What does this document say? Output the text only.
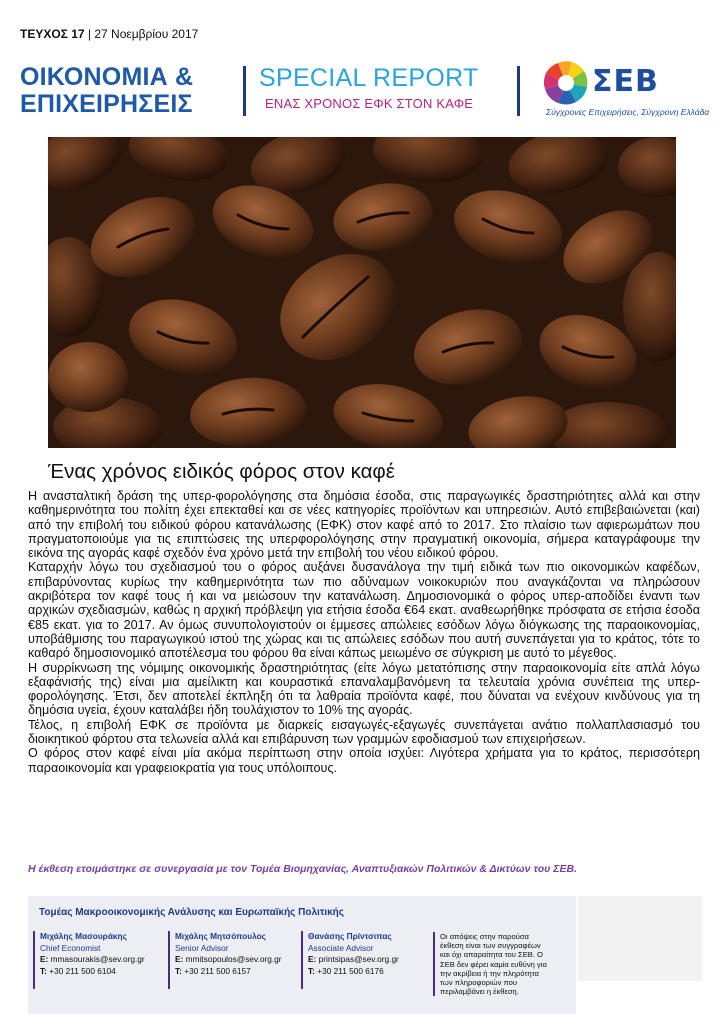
ΤΕΥΧΟΣ 17 | 27 Νοεμβρίου 2017
ΟΙΚΟΝΟΜΙΑ &
ΕΠΙΧΕΙΡΗΣΕΙΣ
SPECIAL REPORT
ΕΝΑΣ ΧΡΟΝΟΣ ΕΦΚ ΣΤΟΝ ΚΑΦΕ
ΣΕΒ
Σύγχρονες Επιχειρήσεις, Σύγχρονη Ελλάδα
Ένας χρόνος ειδικός φόρος στον καφέ

Η ανασταλτική δράση της υπερ-φορολόγησης στα δημόσια έσοδα, στις παραγωγικές δραστηριότητες αλλά και στην καθημερινότητα του πολίτη έχει επεκταθεί και σε νέες κατηγορίες προϊόντων και υπηρεσιών. Αυτό επιβεβαιώνεται (και) από την επιβολή του ειδικού φόρου κατανάλωσης (ΕΦΚ) στον καφέ από το 2017. Στο πλαίσιο των αφιερωμάτων που πραγματοποιούμε για τις επιπτώσεις της υπερφορολόγησης στην πραγματική οικονομία, σήμερα καταγράφουμε την εικόνα της αγοράς καφέ σχεδόν ένα χρόνο μετά την επιβολή του νέου ειδικού φόρου.

Καταρχήν λόγω του σχεδιασμού του ο φόρος αυξάνει δυσανάλογα την τιμή ειδικά των πιο οικονομικών καφέδων, επιβαρύνοντας κυρίως την καθημερινότητα των πιο αδύναμων νοικοκυριών που αναγκάζονται να πληρώσουν ακριβότερα τον καφέ τους ή και να μειώσουν την κατανάλωση. Δημοσιονομικά ο φόρος υπερ-αποδίδει έναντι των αρχικών σχεδιασμών, καθώς η αρχική πρόβλεψη για ετήσια έσοδα €64 εκατ. αναθεωρήθηκε πρόσφατα σε ετήσια έσοδα €85 εκατ. για το 2017. Αν όμως συνυπολογιστούν οι έμμεσες απώλειες εσόδων λόγω διόγκωσης της παραοικονομίας, υποβάθμισης του παραγωγικού ιστού της χώρας και τις απώλειες εσόδων που αυτή συνεπάγεται για το κράτος, τότε το καθαρό δημοσιονομικό αποτέλεσμα του φόρου θα είναι κάπως μειωμένο σε σύγκριση με αυτό το μέγεθος.

Η συρρίκνωση της νόμιμης οικονομικής δραστηριότητας (είτε λόγω μετατόπισης στην παραοικονομία είτε απλά λόγω εξαφάνισής της) είναι μια αμείλικτη και κουραστικά επαναλαμβανόμενη τα τελευταία χρόνια συνέπεια της υπερ-φορολόγησης. Έτσι, δεν αποτελεί έκπληξη ότι τα λαθραία προϊόντα καφέ, που δύναται να ενέχουν κινδύνους για τη δημόσια υγεία, έχουν καταλάβει ήδη τουλάχιστον το 10% της αγοράς.

Τέλος, η επιβολή ΕΦΚ σε προϊόντα με διαρκείς εισαγωγές-εξαγωγές συνεπάγεται ανάτιο πολλαπλασιασμό του διοικητικού φόρτου στα τελωνεία αλλά και επιβάρυνση των γραμμών εφοδιασμού των επιχειρήσεων.

Ο φόρος στον καφέ είναι μία ακόμα περίπτωση στην οποία ισχύει: Λιγότερα χρήματα για το κράτος, περισσότερη παραοικονομία και γραφειοκρατία για τους υπόλοιπους.

Η έκθεση ετοιμάστηκε σε συνεργασία με τον Τομέα Βιομηχανίας, Αναπτυξιακών Πολιτικών & Δικτύων του ΣΕΒ.
Τομέας Μακροοικονομικής Ανάλυσης και Ευρωπαϊκής Πολιτικής
Μιχάλης Μασουράκης
Chief Economist
E: mmasourakis@sev.org.gr
T: +30 211 500 6104
Μιχάλης Μητσόπουλος
Senior Advisor
E: mmitsopoulos@sev.org.gr
T: +30 211 500 6157
Θανάσης Πρίντσιπας
Associate Advisor
E: printsipas@sev.org.gr
T: +30 211 500 6176
Οι απόψεις στην παρούσα έκθεση είναι των συγγραφέων και όχι απαραίτητα του ΣΕΒ. Ο ΣΕΒ δεν φέρει καμία ευθύνη για την ακρίβεια ή την πληρότητα των πληροφοριών που περιλαμβάνει η έκθεση.
